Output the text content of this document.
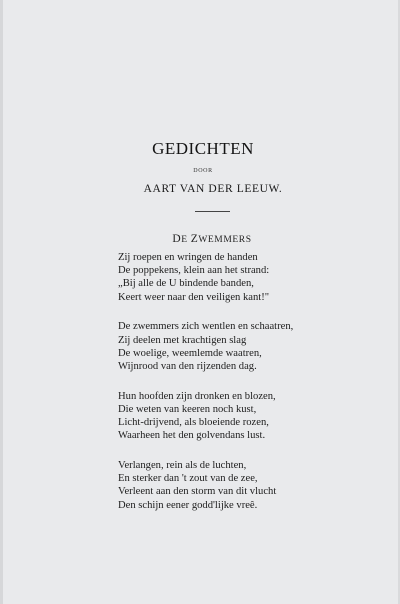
GEDICHTEN
DOOR
AART VAN DER LEEUW.
DE ZWEMMERS
Zij roepen en wringen de handen
De poppekens, klein aan het strand:
„Bij alle de U bindende banden,
Keert weer naar den veiligen kant!"
De zwemmers zich wentlen en schaatren,
Zij deelen met krachtigen slag
De woelige, weemlemde waatren,
Wijnrood van den rijzenden dag.
Hun hoofden zijn dronken en blozen,
Die weten van keeren noch kust,
Licht-drijvend, als bloeiende rozen,
Waarheen het den golvendans lust.
Verlangen, rein als de luchten,
En sterker dan 't zout van de zee,
Verleent aan den storm van dit vlucht
Den schijn eener godd'lijke vreê.
